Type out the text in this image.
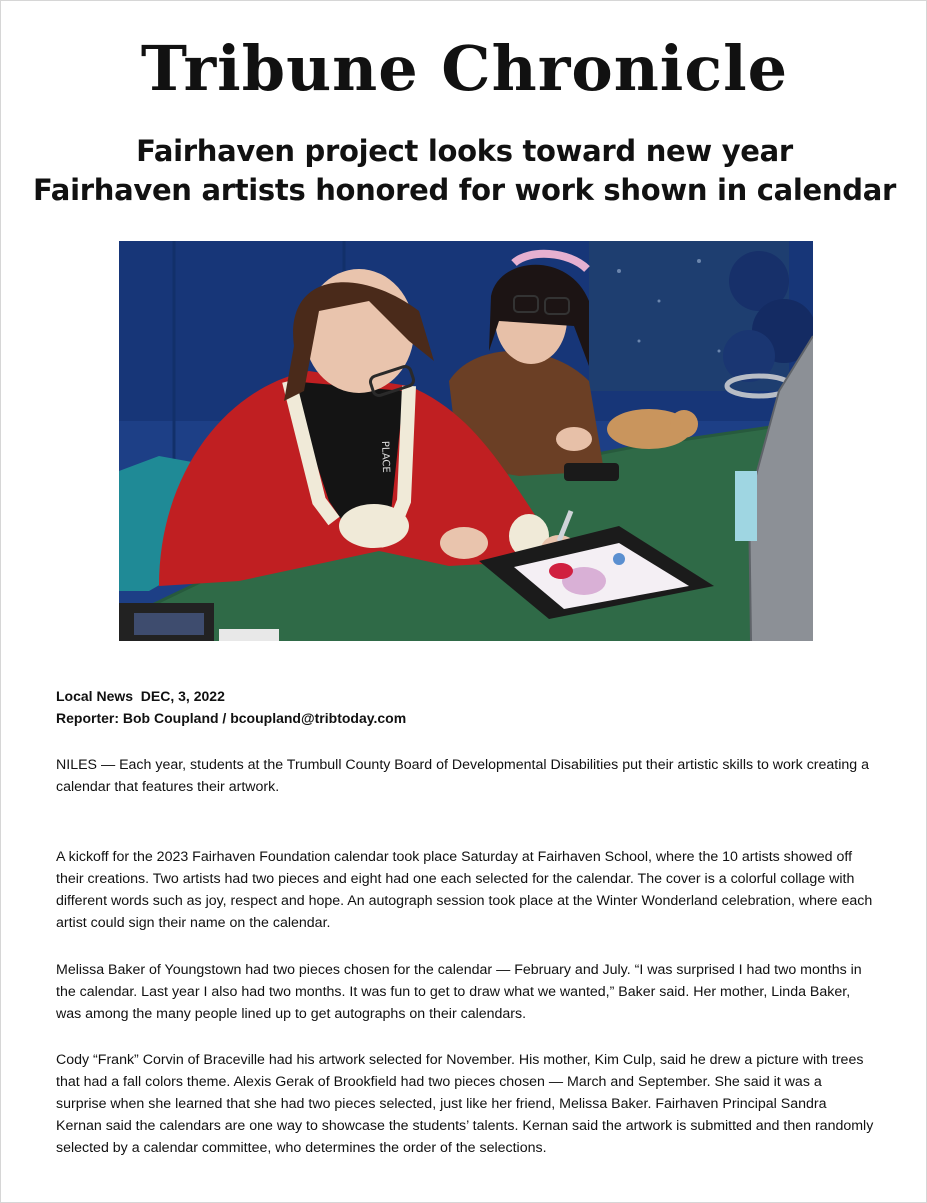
Tribune Chronicle
Fairhaven project looks toward new year
Fairhaven artists honored for work shown in calendar
PLACE
Local News  DEC, 3, 2022
Reporter: Bob Coupland / bcoupland@tribtoday.com

NILES — Each year, students at the Trumbull County Board of Developmental Disabilities put their artistic skills to work creating a calendar that features their artwork.

A kickoff for the 2023 Fairhaven Foundation calendar took place Saturday at Fairhaven School, where the 10 artists showed off their creations. Two artists had two pieces and eight had one each selected for the calendar. The cover is a colorful collage with different words such as joy, respect and hope. An autograph session took place at the Winter Wonderland celebration, where each artist could sign their name on the calendar.

Melissa Baker of Youngstown had two pieces chosen for the calendar — February and July. “I was surprised I had two months in the calendar. Last year I also had two months. It was fun to get to draw what we wanted,” Baker said. Her mother, Linda Baker, was among the many people lined up to get autographs on their calendars.

Cody “Frank” Corvin of Braceville had his artwork selected for November. His mother, Kim Culp, said he drew a picture with trees that had a fall colors theme. Alexis Gerak of Brookfield had two pieces chosen — March and September. She said it was a surprise when she learned that she had two pieces selected, just like her friend, Melissa Baker. Fairhaven Principal Sandra Kernan said the calendars are one way to showcase the students’ talents. Kernan said the artwork is submitted and then randomly selected by a calendar committee, who determines the order of the selections.
